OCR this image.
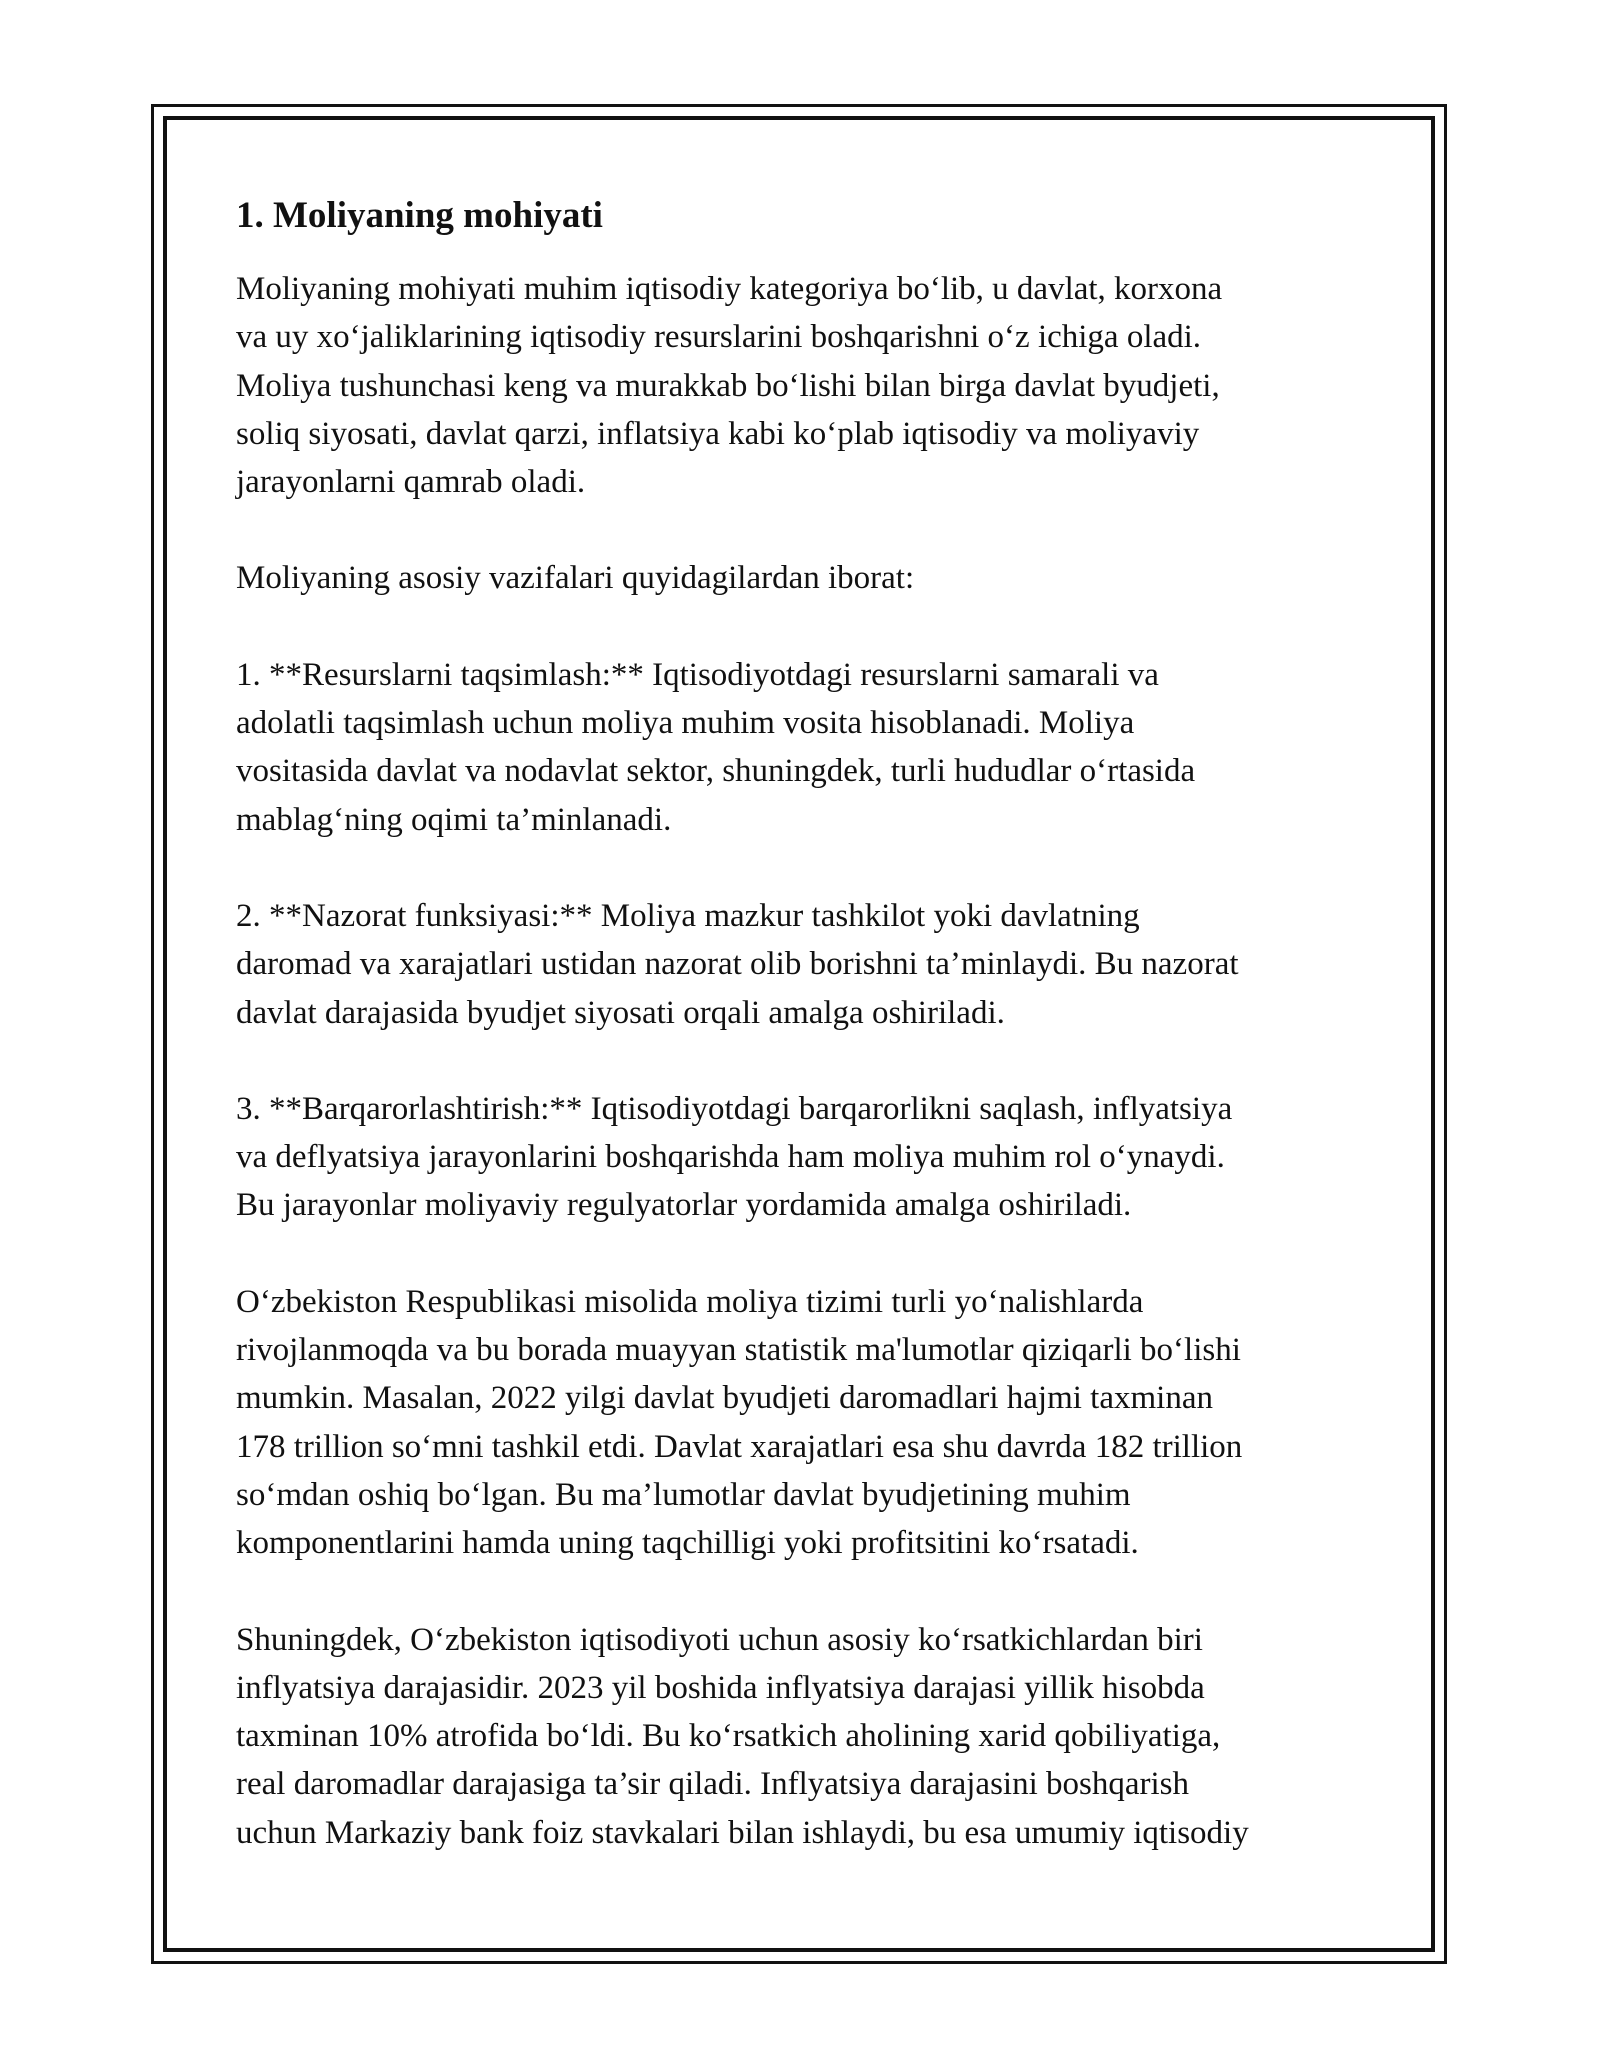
1. Moliyaning mohiyati

Moliyaning mohiyati muhim iqtisodiy kategoriya bo‘lib, u davlat, korxona
va uy xo‘jaliklarining iqtisodiy resurslarini boshqarishni o‘z ichiga oladi.
Moliya tushunchasi keng va murakkab bo‘lishi bilan birga davlat byudjeti,
soliq siyosati, davlat qarzi, inflatsiya kabi ko‘plab iqtisodiy va moliyaviy
jarayonlarni qamrab oladi.

Moliyaning asosiy vazifalari quyidagilardan iborat:

1. **Resurslarni taqsimlash:** Iqtisodiyotdagi resurslarni samarali va
adolatli taqsimlash uchun moliya muhim vosita hisoblanadi. Moliya
vositasida davlat va nodavlat sektor, shuningdek, turli hududlar o‘rtasida
mablag‘ning oqimi ta’minlanadi.

2. **Nazorat funksiyasi:** Moliya mazkur tashkilot yoki davlatning
daromad va xarajatlari ustidan nazorat olib borishni ta’minlaydi. Bu nazorat
davlat darajasida byudjet siyosati orqali amalga oshiriladi.

3. **Barqarorlashtirish:** Iqtisodiyotdagi barqarorlikni saqlash, inflyatsiya
va deflyatsiya jarayonlarini boshqarishda ham moliya muhim rol o‘ynaydi.
Bu jarayonlar moliyaviy regulyatorlar yordamida amalga oshiriladi.

O‘zbekiston Respublikasi misolida moliya tizimi turli yo‘nalishlarda
rivojlanmoqda va bu borada muayyan statistik ma'lumotlar qiziqarli bo‘lishi
mumkin. Masalan, 2022 yilgi davlat byudjeti daromadlari hajmi taxminan
178 trillion so‘mni tashkil etdi. Davlat xarajatlari esa shu davrda 182 trillion
so‘mdan oshiq bo‘lgan. Bu ma’lumotlar davlat byudjetining muhim
komponentlarini hamda uning taqchilligi yoki profitsitini ko‘rsatadi.

Shuningdek, O‘zbekiston iqtisodiyoti uchun asosiy ko‘rsatkichlardan biri
inflyatsiya darajasidir. 2023 yil boshida inflyatsiya darajasi yillik hisobda
taxminan 10% atrofida bo‘ldi. Bu ko‘rsatkich aholining xarid qobiliyatiga,
real daromadlar darajasiga ta’sir qiladi. Inflyatsiya darajasini boshqarish
uchun Markaziy bank foiz stavkalari bilan ishlaydi, bu esa umumiy iqtisodiy
